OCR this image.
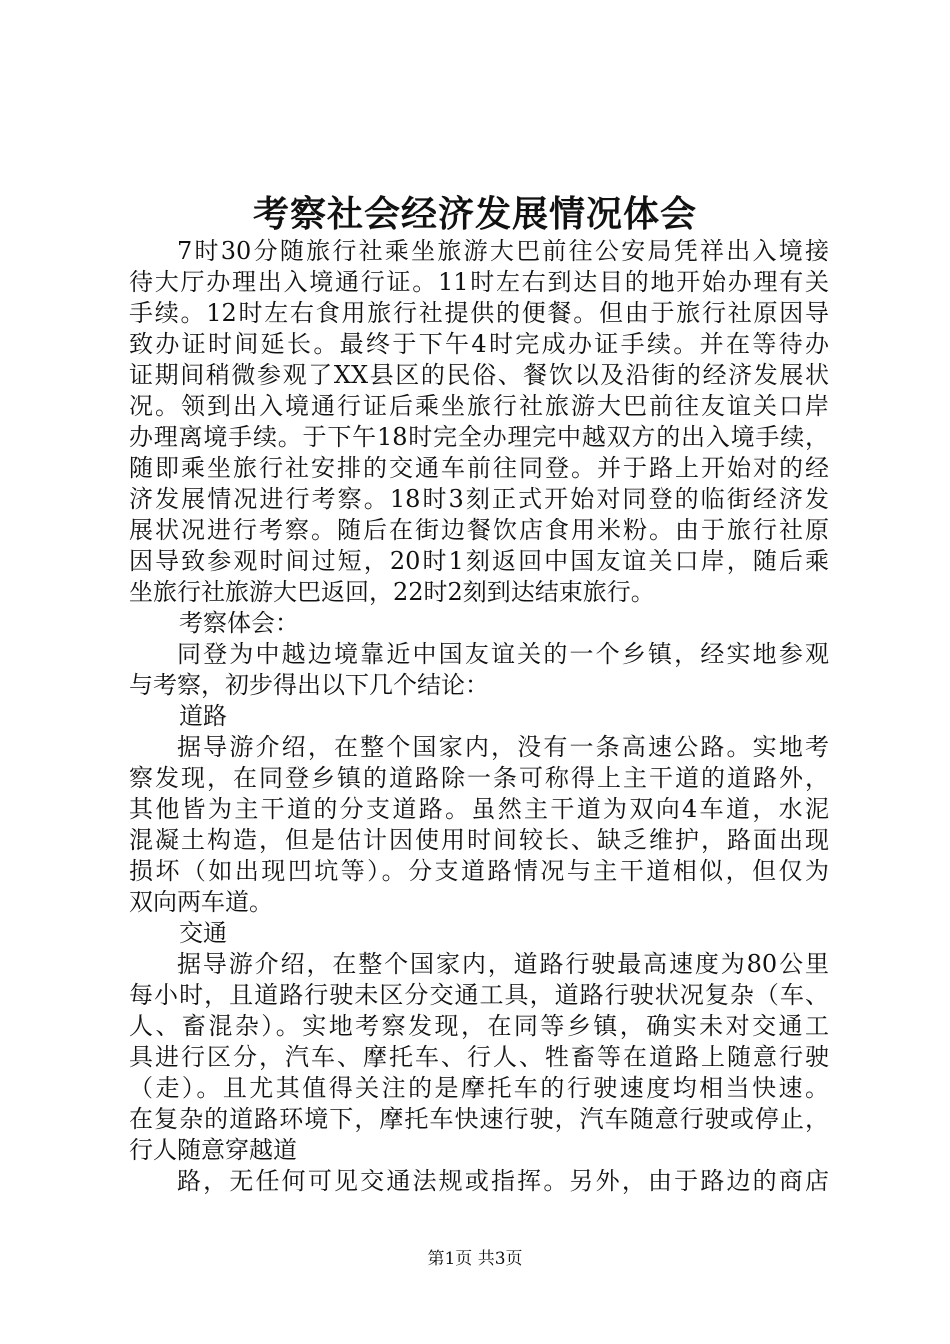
考察社会经济发展情况体会
7时30分随旅行社乘坐旅游大巴前往公安局凭祥出入境接
待大厅办理出入境通行证。11时左右到达目的地开始办理有关
手续。12时左右食用旅行社提供的便餐。但由于旅行社原因导
致办证时间延长。最终于下午4时完成办证手续。并在等待办
证期间稍微参观了XX县区的民俗、餐饮以及沿街的经济发展状
况。领到出入境通行证后乘坐旅行社旅游大巴前往友谊关口岸
办理离境手续。于下午18时完全办理完中越双方的出入境手续，
随即乘坐旅行社安排的交通车前往同登。并于路上开始对的经
济发展情况进行考察。18时3刻正式开始对同登的临街经济发
展状况进行考察。随后在街边餐饮店食用米粉。由于旅行社原
因导致参观时间过短，20时1刻返回中国友谊关口岸，随后乘
坐旅行社旅游大巴返回，22时2刻到达结束旅行。
考察体会：
同登为中越边境靠近中国友谊关的一个乡镇，经实地参观
与考察，初步得出以下几个结论：
道路
据导游介绍，在整个国家内，没有一条高速公路。实地考
察发现，在同登乡镇的道路除一条可称得上主干道的道路外，
其他皆为主干道的分支道路。虽然主干道为双向4车道，水泥
混凝土构造，但是估计因使用时间较长、缺乏维护，路面出现
损坏（如出现凹坑等）。分支道路情况与主干道相似，但仅为
双向两车道。
交通
据导游介绍，在整个国家内，道路行驶最高速度为80公里
每小时，且道路行驶未区分交通工具，道路行驶状况复杂（车、
人、畜混杂）。实地考察发现，在同等乡镇，确实未对交通工
具进行区分，汽车、摩托车、行人、牲畜等在道路上随意行驶
（走）。且尤其值得关注的是摩托车的行驶速度均相当快速。
在复杂的道路环境下，摩托车快速行驶，汽车随意行驶或停止，
行人随意穿越道
路，无任何可见交通法规或指挥。另外，由于路边的商店
第1页 共3页
